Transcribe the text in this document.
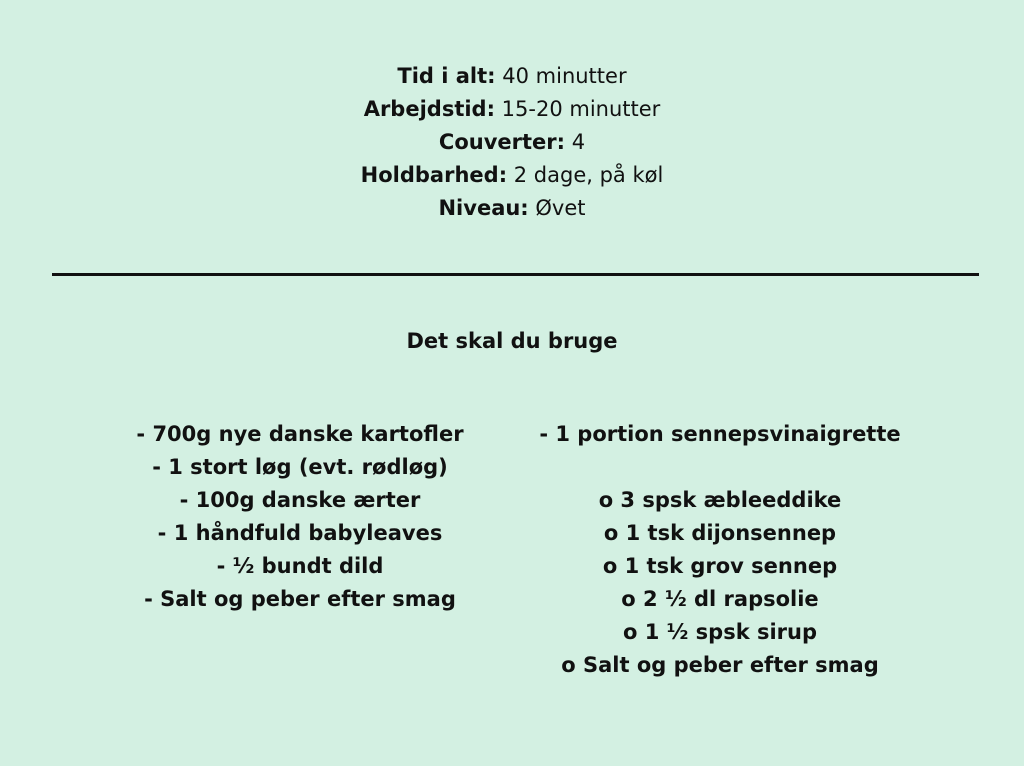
Tid i alt: 40 minutter
Arbejdstid: 15-20 minutter
Couverter: 4
Holdbarhed: 2 dage, på køl
Niveau: Øvet
Det skal du bruge
- 700g nye danske kartofler
- 1 stort løg (evt. rødløg)
- 100g danske ærter
- 1 håndfuld babyleaves
- ½ bundt dild
- Salt og peber efter smag
- 1 portion sennepsvinaigrette
o 3 spsk æbleeddike
o 1 tsk dijonsennep
o 1 tsk grov sennep
o 2 ½ dl rapsolie
o 1 ½ spsk sirup
o Salt og peber efter smag
